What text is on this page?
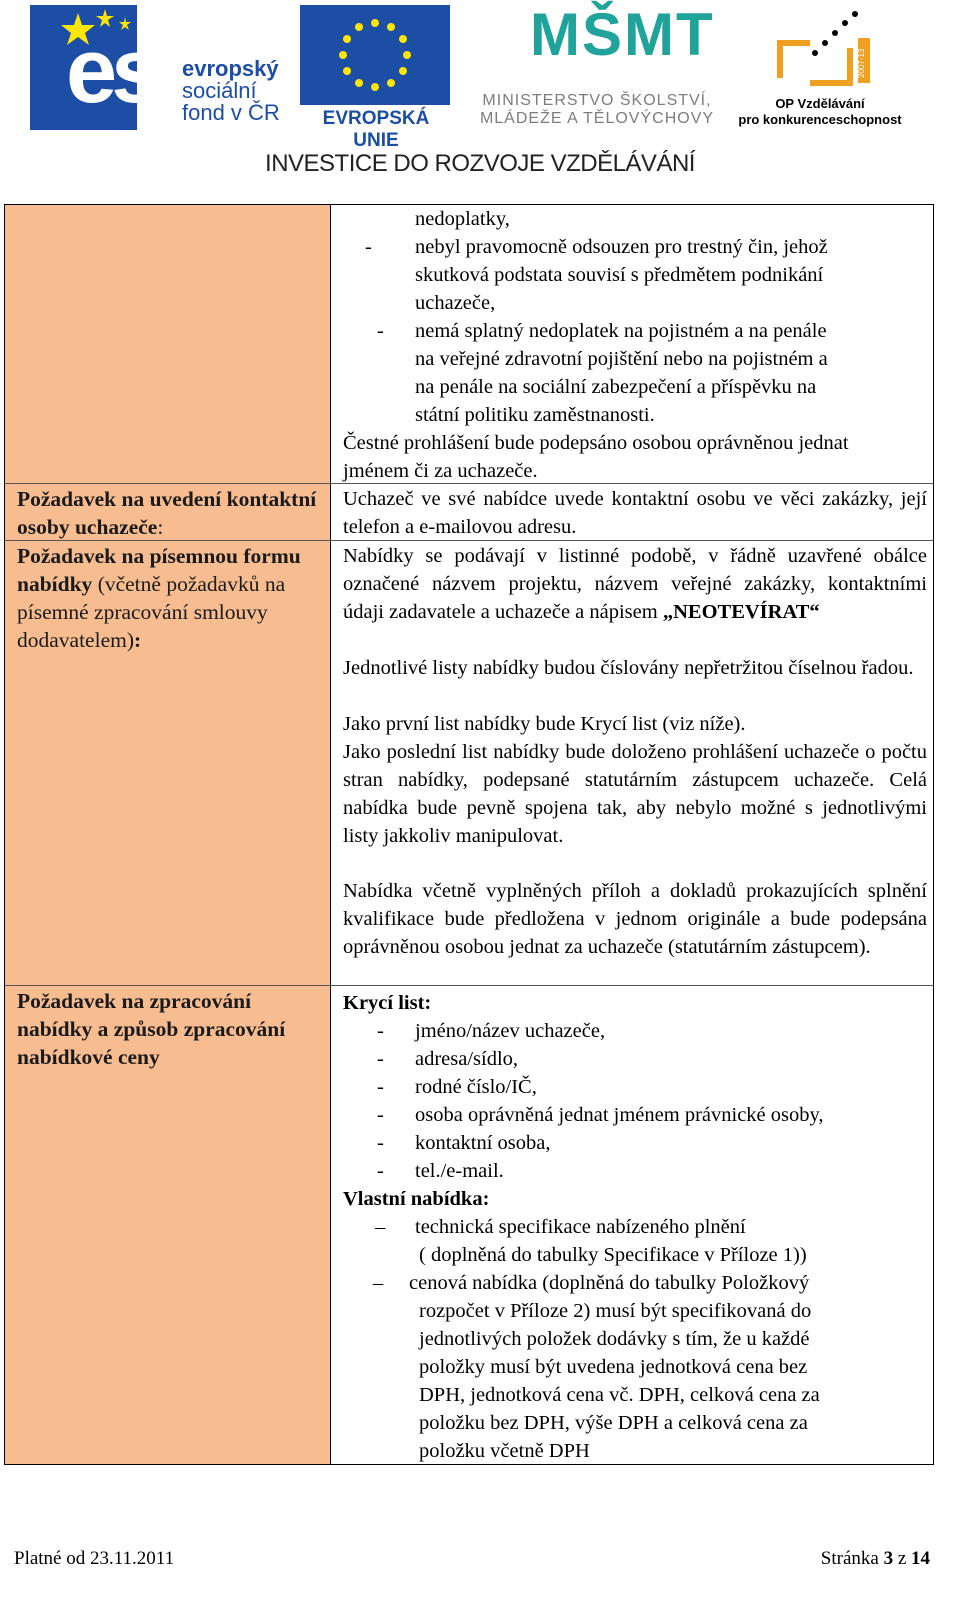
esf evropský
sociální
fond v ČR	EVROPSKÁ UNIE
MŠMT
MINISTERSTVO ŠKOLSTVÍ,
MLÁDEŽE A TĚLOVÝCHOVY
2007-13
OP Vzdělávání
pro konkurenceschopnost
INVESTICE DO ROZVOJE VZDĚLÁVÁNÍ
Požadavek na uvedení kontaktní osoby uchazeče:
Požadavek na písemnou formu nabídky (včetně požadavků na písemné zpracování smlouvy dodavatelem):
Požadavek na zpracování nabídky a způsob zpracování nabídkové ceny
nedoplatky,
- nebyl pravomocně odsouzen pro trestný čin, jehož
skutková podstata souvisí s předmětem podnikání
uchazeče,
- nemá splatný nedoplatek na pojistném a na penále
na veřejné zdravotní pojištění nebo na pojistném a
na penále na sociální zabezpečení a příspěvku na
státní politiku zaměstnanosti.
Čestné prohlášení bude podepsáno osobou oprávněnou jednat jménem či za uchazeče.
Uchazeč ve své nabídce uvede kontaktní osobu ve věci zakázky, její telefon a e-mailovou adresu.
Nabídky se podávají v listinné podobě, v řádně uzavřené obálce označené názvem projektu, názvem veřejné zakázky, kontaktními údaji zadavatele a uchazeče a nápisem „NEOTEVÍRAT“
Jednotlivé listy nabídky budou číslovány nepřetržitou číselnou řadou.
Jako první list nabídky bude Krycí list (viz níže).
Jako poslední list nabídky bude doloženo prohlášení uchazeče o počtu stran nabídky, podepsané statutárním zástupcem uchazeče. Celá nabídka bude pevně spojena tak, aby nebylo možné s jednotlivými listy jakkoliv manipulovat.
Nabídka včetně vyplněných příloh a dokladů prokazujících splnění kvalifikace bude předložena v jednom originále a bude podepsána oprávněnou osobou jednat za uchazeče (statutárním zástupcem).
Krycí list:
- jméno/název uchazeče,
- adresa/sídlo,
- rodné číslo/IČ,
- osoba oprávněná jednat jménem právnické osoby,
- kontaktní osoba,
- tel./e-mail.
Vlastní nabídka:
– technická specifikace nabízeného plnění
( doplněná do tabulky Specifikace v Příloze 1))
– cenová nabídka (doplněná do tabulky Položkový
rozpočet v Příloze 2) musí být specifikovaná do
jednotlivých položek dodávky s tím, že u každé
položky musí být uvedena jednotková cena bez
DPH, jednotková cena vč. DPH, celková cena za
položku bez DPH, výše DPH a celková cena za
položku včetně DPH
Platné od 23.11.2011	Stránka 3 z 14
